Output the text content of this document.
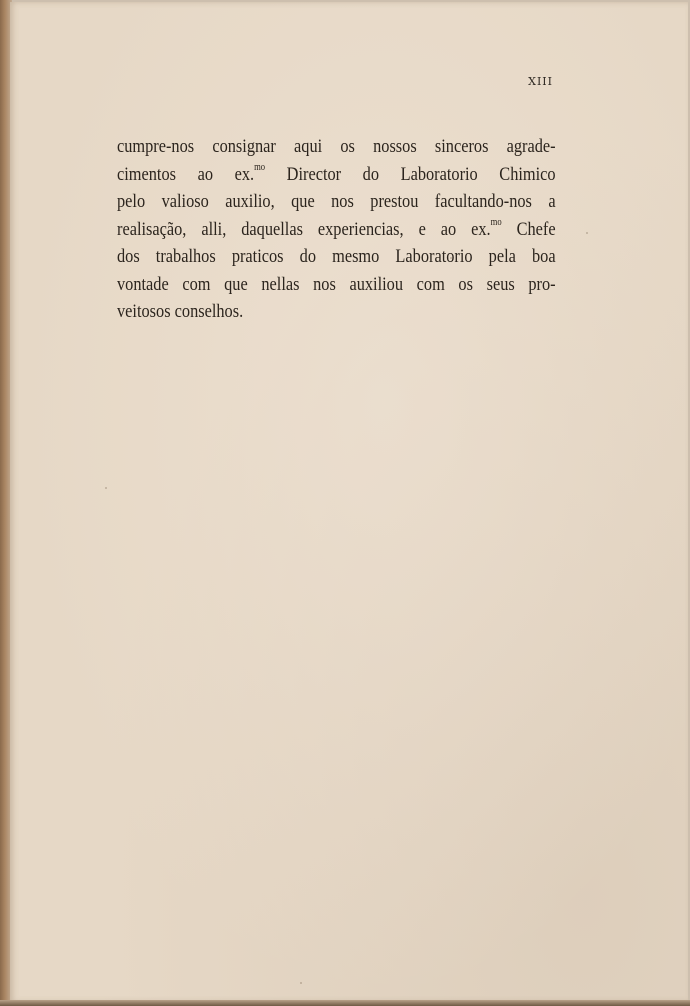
XIII

cumpre-nos consignar aqui os nossos sinceros agrade-
cimentos ao ex.$^{mo}$ Director do Laboratorio Chimico
pelo valioso auxilio, que nos prestou facultando-nos a
realisação, alli, daquellas experiencias, e ao ex.$^{mo}$ Chefe
dos trabalhos praticos do mesmo Laboratorio pela boa
vontade com que nellas nos auxiliou com os seus pro-
veitosos conselhos.
